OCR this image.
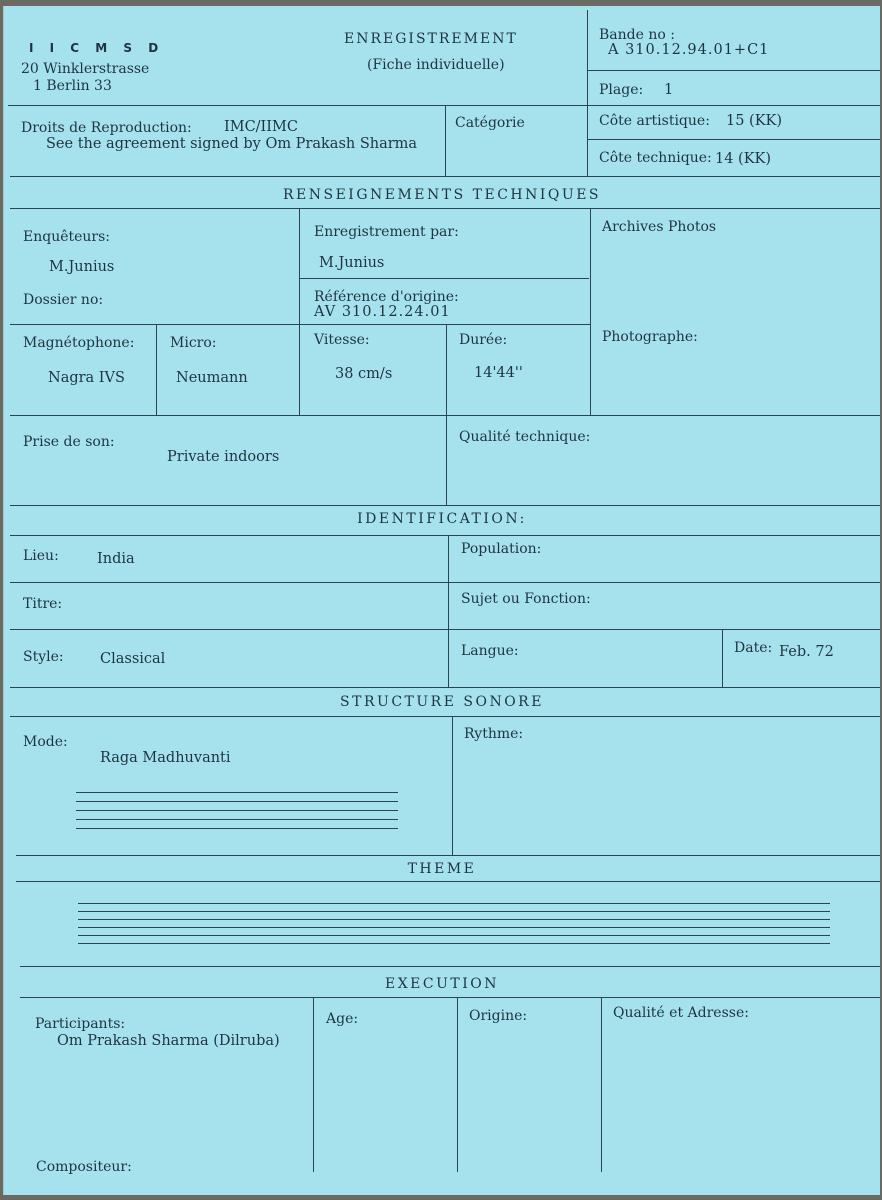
I I C M S D
20 Winklerstrasse
1 Berlin 33
ENREGISTREMENT
(Fiche individuelle)
Bande no :
A 310.12.94.01+C1
Plage: 1
Droits de Reproduction: IMC/IIMC
See the agreement signed by Om Prakash Sharma
Catégorie	Côte artistique: 15 (KK)
Côte technique: 14 (KK)
RENSEIGNEMENTS TECHNIQUES
Enquêteurs:
M.Junius
Enregistrement par:
M.Junius
Archives Photos
Dossier no:	Référence d'origine:
AV 310.12.24.01
Magnétophone:
Nagra IVS
Micro:
Neumann
Vitesse:
38 cm/s
Durée:
14'44''
Photographe:
Prise de son:
Private indoors
Qualité technique:
IDENTIFICATION:
Lieu:	India
Population:
Titre:	Sujet ou Fonction:
Style:	Classical	Langue:	Date: Feb. 72
STRUCTURE SONORE
Mode:
Raga Madhuvanti
Rythme:
THEME
EXECUTION
Participants:
Om Prakash Sharma (Dilruba)
Age:	Origine:	Qualité et Adresse:
Compositeur:
